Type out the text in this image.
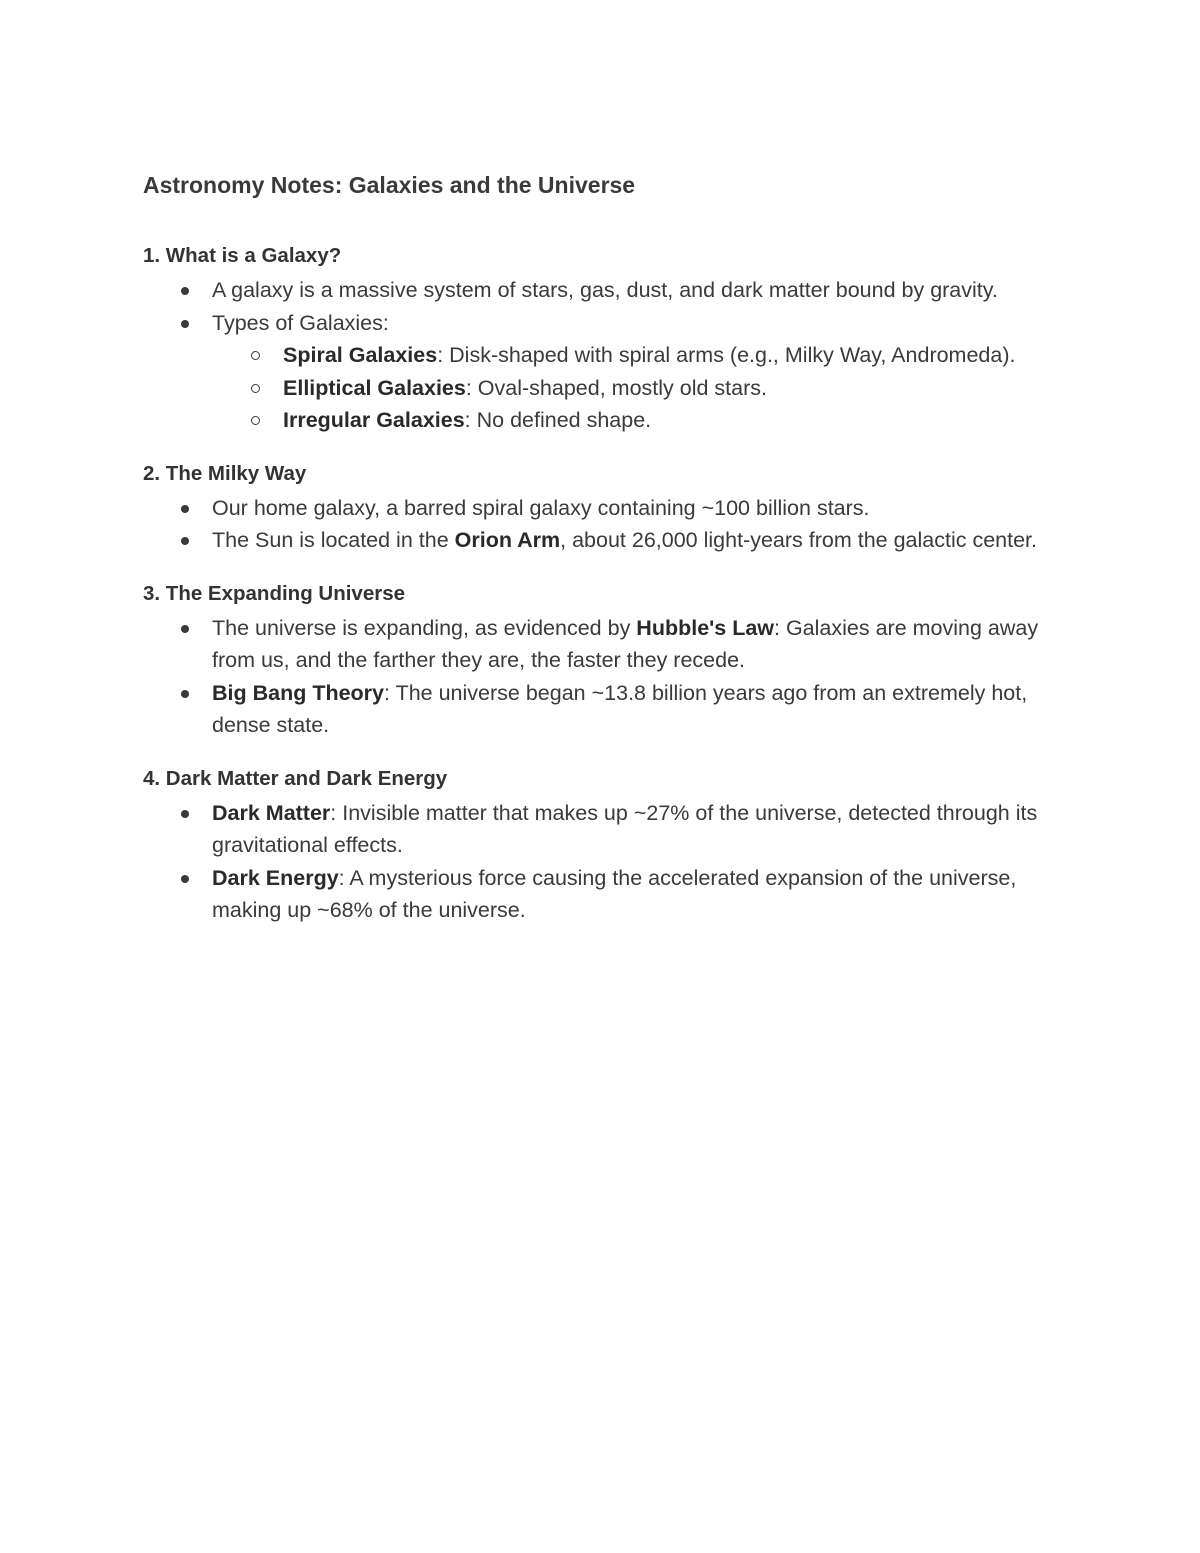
Astronomy Notes: Galaxies and the Universe
1. What is a Galaxy?
A galaxy is a massive system of stars, gas, dust, and dark matter bound by gravity.
Types of Galaxies:
Spiral Galaxies: Disk-shaped with spiral arms (e.g., Milky Way, Andromeda).
Elliptical Galaxies: Oval-shaped, mostly old stars.
Irregular Galaxies: No defined shape.
2. The Milky Way
Our home galaxy, a barred spiral galaxy containing ~100 billion stars.
The Sun is located in the Orion Arm, about 26,000 light-years from the galactic center.
3. The Expanding Universe
The universe is expanding, as evidenced by Hubble's Law: Galaxies are moving away from us, and the farther they are, the faster they recede.
Big Bang Theory: The universe began ~13.8 billion years ago from an extremely hot, dense state.
4. Dark Matter and Dark Energy
Dark Matter: Invisible matter that makes up ~27% of the universe, detected through its gravitational effects.
Dark Energy: A mysterious force causing the accelerated expansion of the universe, making up ~68% of the universe.
